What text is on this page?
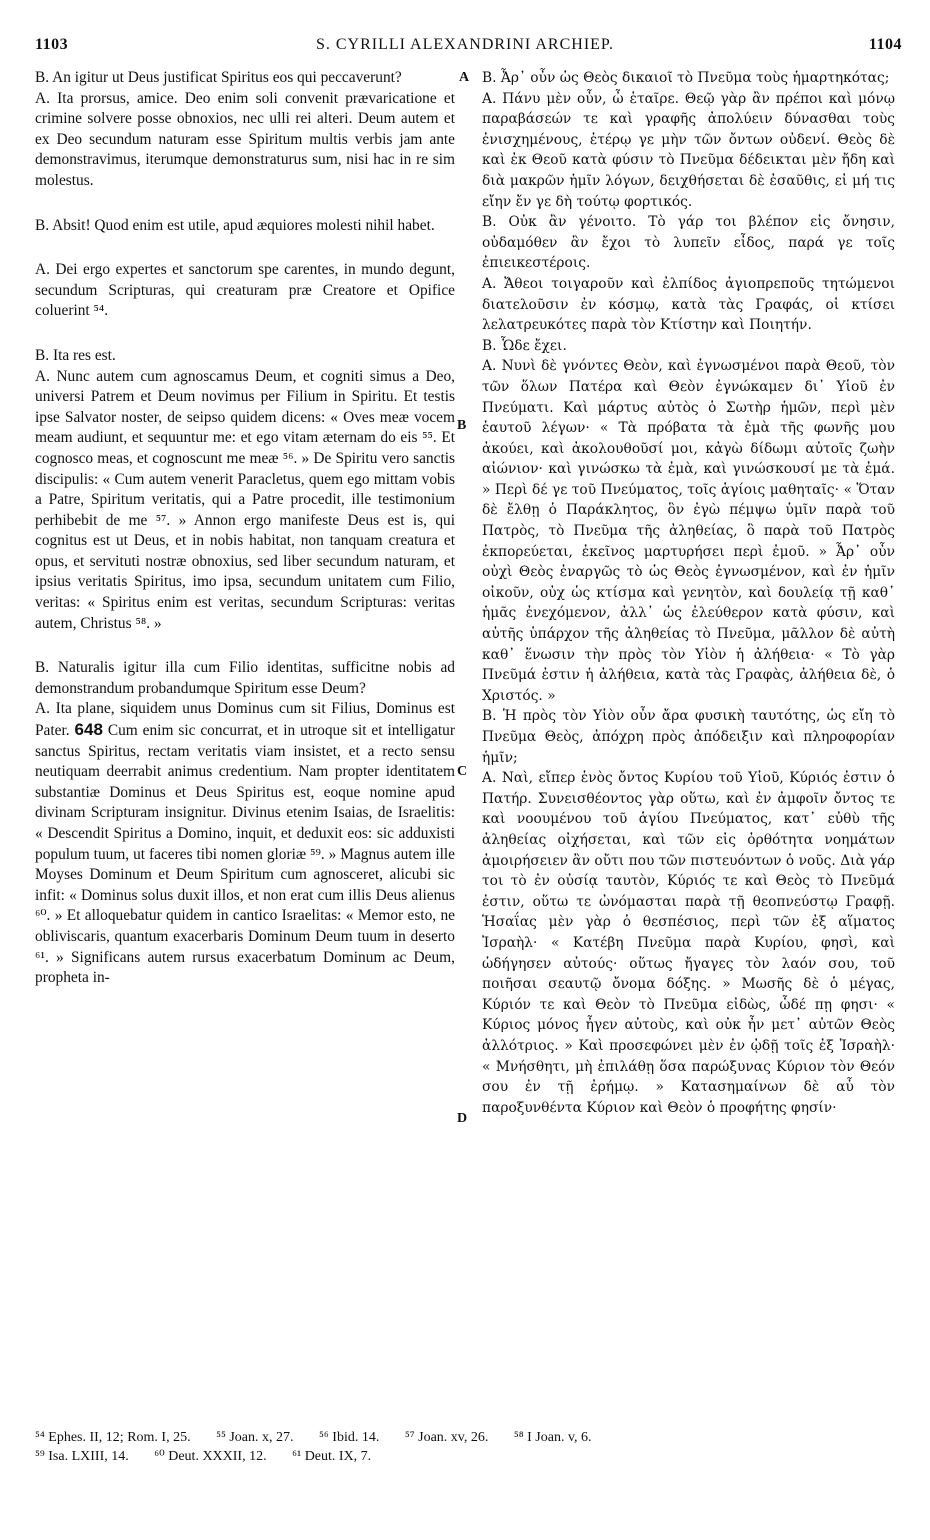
1103	S. CYRILLI ALEXANDRINI ARCHIEP.	1104
A
B
C
D

B. An igitur ut Deus justificat Spiritus eos qui peccaverunt?

A. Ita prorsus, amice. Deo enim soli convenit prævaricatione et crimine solvere posse obnoxios, nec ulli rei alteri. Deum autem et ex Deo secundum naturam esse Spiritum multis verbis jam ante demonstravimus, iterumque demonstraturus sum, nisi hac in re sim molestus.

B. Absit! Quod enim est utile, apud æquiores molesti nihil habet.

A. Dei ergo expertes et sanctorum spe carentes, in mundo degunt, secundum Scripturas, qui creaturam præ Creatore et Opifice coluerint ⁵⁴.

B. Ita res est.

A. Nunc autem cum agnoscamus Deum, et cogniti simus a Deo, universi Patrem et Deum novimus per Filium in Spiritu. Et testis ipse Salvator noster, de seipso quidem dicens: « Oves meæ vocem meam audiunt, et sequuntur me: et ego vitam æternam do eis ⁵⁵. Et cognosco meas, et cognoscunt me meæ ⁵⁶. » De Spiritu vero sanctis discipulis: « Cum autem venerit Paracletus, quem ego mittam vobis a Patre, Spiritum veritatis, qui a Patre procedit, ille testimonium perhibebit de me ⁵⁷. » Annon ergo manifeste Deus est is, qui cognitus est ut Deus, et in nobis habitat, non tanquam creatura et opus, et servituti nostræ obnoxius, sed liber secundum naturam, et ipsius veritatis Spiritus, imo ipsa, secundum unitatem cum Filio, veritas: « Spiritus enim est veritas, secundum Scripturas: veritas autem, Christus ⁵⁸. »

B. Naturalis igitur illa cum Filio identitas, sufficitne nobis ad demonstrandum probandumque Spiritum esse Deum?

A. Ita plane, siquidem unus Dominus cum sit Filius, Dominus est Pater. 648 Cum enim sic concurrat, et in utroque sit et intelligatur sanctus Spiritus, rectam veritatis viam insistet, et a recto sensu neutiquam deerrabit animus credentium. Nam propter identitatem substantiæ Dominus et Deus Spiritus est, eoque nomine apud divinam Scripturam insignitur. Divinus etenim Isaias, de Israelitis: « Descendit Spiritus a Domino, inquit, et deduxit eos: sic adduxisti populum tuum, ut faceres tibi nomen gloriæ ⁵⁹. » Magnus autem ille Moyses Dominum et Deum Spiritum cum agnosceret, alicubi sic infit: « Dominus solus duxit illos, et non erat cum illis Deus alienus ⁶⁰. » Et alloquebatur quidem in cantico Israelitas: « Memor esto, ne obliviscaris, quantum exacerbaris Dominum Deum tuum in deserto ⁶¹. » Significans autem rursus exacerbatum Dominum ac Deum, propheta in-

B. Ἆρ᾿ οὖν ὡς Θεὸς δικαιοῖ τὸ Πνεῦμα τοὺς ἡμαρτηκότας;

A. Πάνυ μὲν οὖν, ὦ ἑταῖρε. Θεῷ γὰρ ἂν πρέποι καὶ μόνῳ παραβάσεών τε καὶ γραφῆς ἀπολύειν δύνασθαι τοὺς ἐνισχημένους, ἑτέρῳ γε μὴν τῶν ὄντων οὐδενί. Θεὸς δὲ καὶ ἐκ Θεοῦ κατὰ φύσιν τὸ Πνεῦμα δέδεικται μὲν ἤδη καὶ διὰ μακρῶν ἡμῖν λόγων, δειχθήσεται δὲ ἐσαῦθις, εἰ μή τις εἴην ἔν γε δὴ τούτῳ φορτικός.

B. Οὐκ ἂν γένοιτο. Τὸ γάρ τοι βλέπον εἰς ὄνησιν, οὐδαμόθεν ἂν ἔχοι τὸ λυπεῖν εἶδος, παρά γε τοῖς ἐπιεικεστέροις.

A. Ἄθεοι τοιγαροῦν καὶ ἐλπίδος ἁγιοπρεποῦς τητώμενοι διατελοῦσιν ἐν κόσμῳ, κατὰ τὰς Γραφάς, οἱ κτίσει λελατρευκότες παρὰ τὸν Κτίστην καὶ Ποιητήν.

B. Ὧδε ἔχει.

A. Νυνὶ δὲ γνόντες Θεὸν, καὶ ἐγνωσμένοι παρὰ Θεοῦ, τὸν τῶν ὅλων Πατέρα καὶ Θεὸν ἐγνώκαμεν δι᾿ Υἱοῦ ἐν Πνεύματι. Καὶ μάρτυς αὐτὸς ὁ Σωτὴρ ἡμῶν, περὶ μὲν ἑαυτοῦ λέγων· « Τὰ πρόβατα τὰ ἐμὰ τῆς φωνῆς μου ἀκούει, καὶ ἀκολουθοῦσί μοι, κἀγὼ δίδωμι αὐτοῖς ζωὴν αἰώνιον· καὶ γινώσκω τὰ ἐμὰ, καὶ γινώσκουσί με τὰ ἐμά. » Περὶ δέ γε τοῦ Πνεύματος, τοῖς ἁγίοις μαθηταῖς· « Ὅταν δὲ ἔλθῃ ὁ Παράκλητος, ὃν ἐγὼ πέμψω ὑμῖν παρὰ τοῦ Πατρὸς, τὸ Πνεῦμα τῆς ἀληθείας, ὃ παρὰ τοῦ Πατρὸς ἐκπορεύεται, ἐκεῖνος μαρτυρήσει περὶ ἐμοῦ. » Ἆρ᾿ οὖν οὐχὶ Θεὸς ἐναργῶς τὸ ὡς Θεὸς ἐγνωσμένον, καὶ ἐν ἡμῖν οἰκοῦν, οὐχ ὡς κτίσμα καὶ γενητὸν, καὶ δουλείᾳ τῇ καθ᾿ ἡμᾶς ἐνεχόμενον, ἀλλ᾿ ὡς ἐλεύθερον κατὰ φύσιν, καὶ αὐτῆς ὑπάρχον τῆς ἀληθείας τὸ Πνεῦμα, μᾶλλον δὲ αὐτὴ καθ᾿ ἕνωσιν τὴν πρὸς τὸν Υἱὸν ἡ ἀλήθεια· « Τὸ γὰρ Πνεῦμά ἐστιν ἡ ἀλήθεια, κατὰ τὰς Γραφὰς, ἀλήθεια δὲ, ὁ Χριστός. »

B. Ἡ πρὸς τὸν Υἱὸν οὖν ἄρα φυσικὴ ταυτότης, ὡς εἴη τὸ Πνεῦμα Θεὸς, ἀπόχρη πρὸς ἀπόδειξιν καὶ πληροφορίαν ἡμῖν;

A. Ναὶ, εἴπερ ἑνὸς ὄντος Κυρίου τοῦ Υἱοῦ, Κύριός ἐστιν ὁ Πατήρ. Συνεισθέοντος γὰρ οὕτω, καὶ ἐν ἀμφοῖν ὄντος τε καὶ νοουμένου τοῦ ἁγίου Πνεύματος, κατ᾿ εὐθὺ τῆς ἀληθείας οἰχήσεται, καὶ τῶν εἰς ὀρθότητα νοημάτων ἀμοιρήσειεν ἂν οὔτι που τῶν πιστευόντων ὁ νοῦς. Διὰ γάρ τοι τὸ ἐν οὐσίᾳ ταυτὸν, Κύριός τε καὶ Θεὸς τὸ Πνεῦμά ἐστιν, οὕτω τε ὠνόμασται παρὰ τῇ θεοπνεύστῳ Γραφῇ. Ἡσαΐας μὲν γὰρ ὁ θεσπέσιος, περὶ τῶν ἐξ αἵματος Ἰσραὴλ· « Κατέβη Πνεῦμα παρὰ Κυρίου, φησὶ, καὶ ὡδήγησεν αὐτούς· οὕτως ἤγαγες τὸν λαόν σου, τοῦ ποιῆσαι σεαυτῷ ὄνομα δόξης. » Μωσῆς δὲ ὁ μέγας, Κύριόν τε καὶ Θεὸν τὸ Πνεῦμα εἰδὼς, ὧδέ πῃ φησι· « Κύριος μόνος ἦγεν αὐτοὺς, καὶ οὐκ ἦν μετ᾿ αὐτῶν Θεὸς ἀλλότριος. » Καὶ προσεφώνει μὲν ἐν ᾠδῇ τοῖς ἐξ Ἰσραὴλ· « Μνήσθητι, μὴ ἐπιλάθῃ ὅσα παρώξυνας Κύριον τὸν Θεόν σου ἐν τῇ ἐρήμῳ. » Κατασημαίνων δὲ αὖ τὸν παροξυνθέντα Κύριον καὶ Θεὸν ὁ προφήτης φησίν·

⁵⁴ Ephes. II, 12; Rom. I, 25. ⁵⁵ Joan. x, 27. ⁵⁶ Ibid. 14. ⁵⁷ Joan. xv, 26. ⁵⁸ I Joan. v, 6.
⁵⁹ Isa. LXIII, 14. ⁶⁰ Deut. XXXII, 12. ⁶¹ Deut. IX, 7.
